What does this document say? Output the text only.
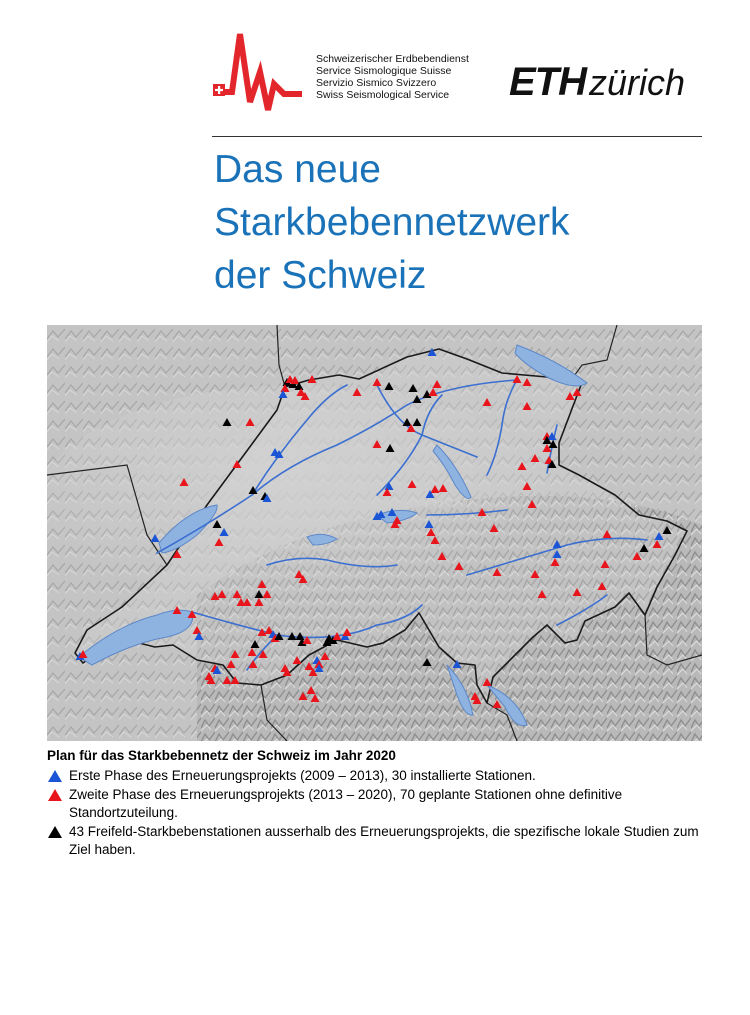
Schweizerischer Erdbebendienst
Service Sismologique Suisse
Servizio Sismico Svizzero
Swiss Seismological Service	ETHzürich
Das neue
Starkbebennetzwerk
der Schweiz
Plan für das Starkbebennetz der Schweiz im Jahr 2020
Erste Phase des Erneuerungsprojekts (2009 – 2013), 30 installierte Stationen.
Zweite Phase des Erneuerungsprojekts (2013 – 2020), 70 geplante Stationen ohne definitive Standortzuteilung.
43 Freifeld-Starkbebenstationen ausserhalb des Erneuerungsprojekts, die spezifische lokale Studien zum Ziel haben.
